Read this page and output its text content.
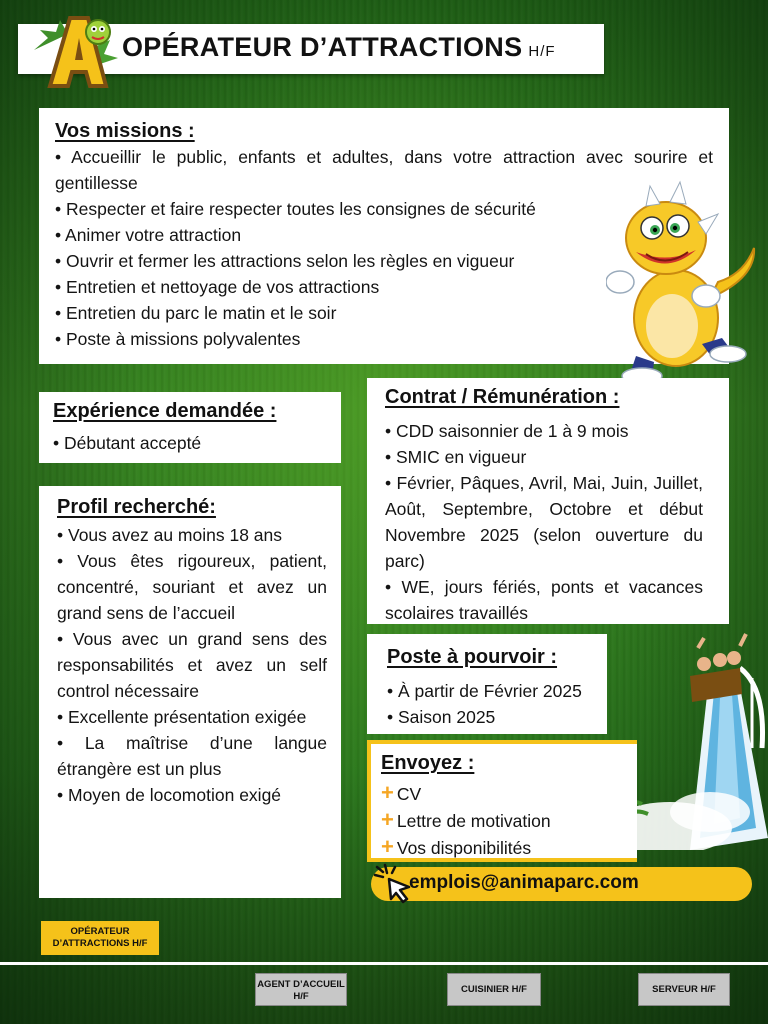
OPÉRATEUR D’ATTRACTIONS H/F
Vos missions :
• Accueillir le public, enfants et adultes, dans votre attraction avec sourire et gentillesse
• Respecter et faire respecter toutes les consignes de sécurité
• Animer votre attraction
• Ouvrir et fermer les attractions selon les règles en vigueur
• Entretien et nettoyage de vos attractions
• Entretien du parc le matin et le soir
• Poste à missions polyvalentes
Expérience demandée :
• Débutant accepté
Profil recherché:
• Vous avez au moins 18 ans
• Vous êtes rigoureux, patient, concentré, souriant et avez un grand sens de l’accueil
• Vous avec un grand sens des responsabilités et avez un self control nécessaire
• Excellente présentation exigée
• La maîtrise d’une langue étrangère est un plus
• Moyen de locomotion exigé
Contrat / Rémunération :
• CDD saisonnier de 1 à 9 mois
• SMIC en vigueur
• Février, Pâques, Avril, Mai, Juin, Juillet, Août, Septembre, Octobre et début Novembre 2025 (selon ouverture du parc)
• WE, jours fériés, ponts et vacances scolaires travaillés
Poste à pourvoir :
• À partir de Février 2025
• Saison 2025
Envoyez :
+ CV
+ Lettre de motivation
+ Vos disponibilités
emplois@animaparc.com
OPÉRATEUR D’ATTRACTIONS H/F
AGENT D’ACCUEIL H/F
CUISINIER H/F	SERVEUR H/F
